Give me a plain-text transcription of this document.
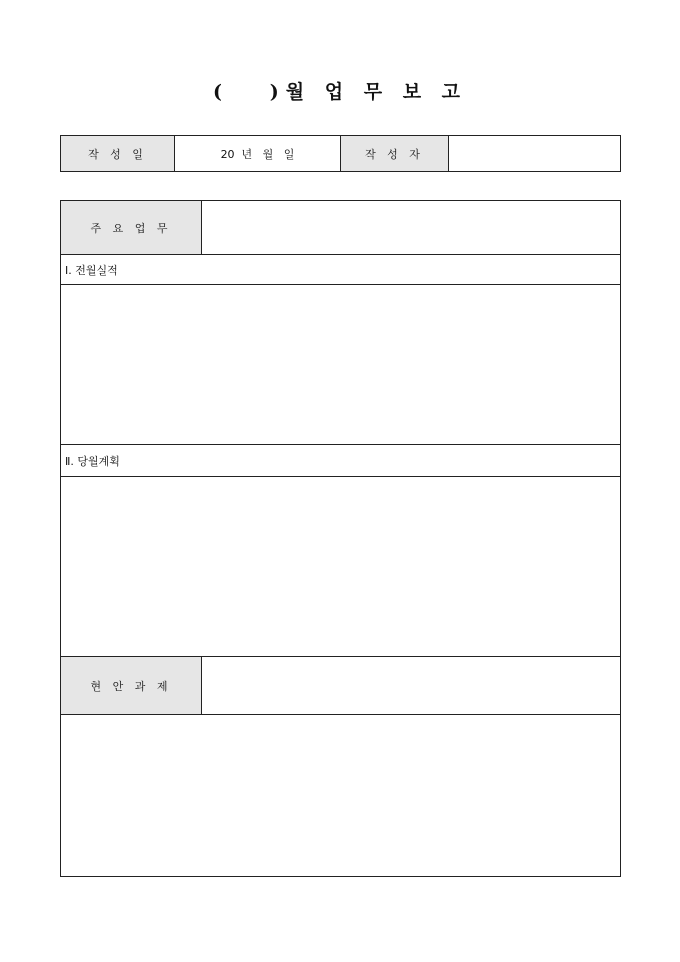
(   )월 업 무 보 고
작 성 일	20  년   월   일	작 성 자	
주 요 업 무	
Ⅰ. 전월실적	

Ⅱ. 당월계획	

현 안 과 제	
